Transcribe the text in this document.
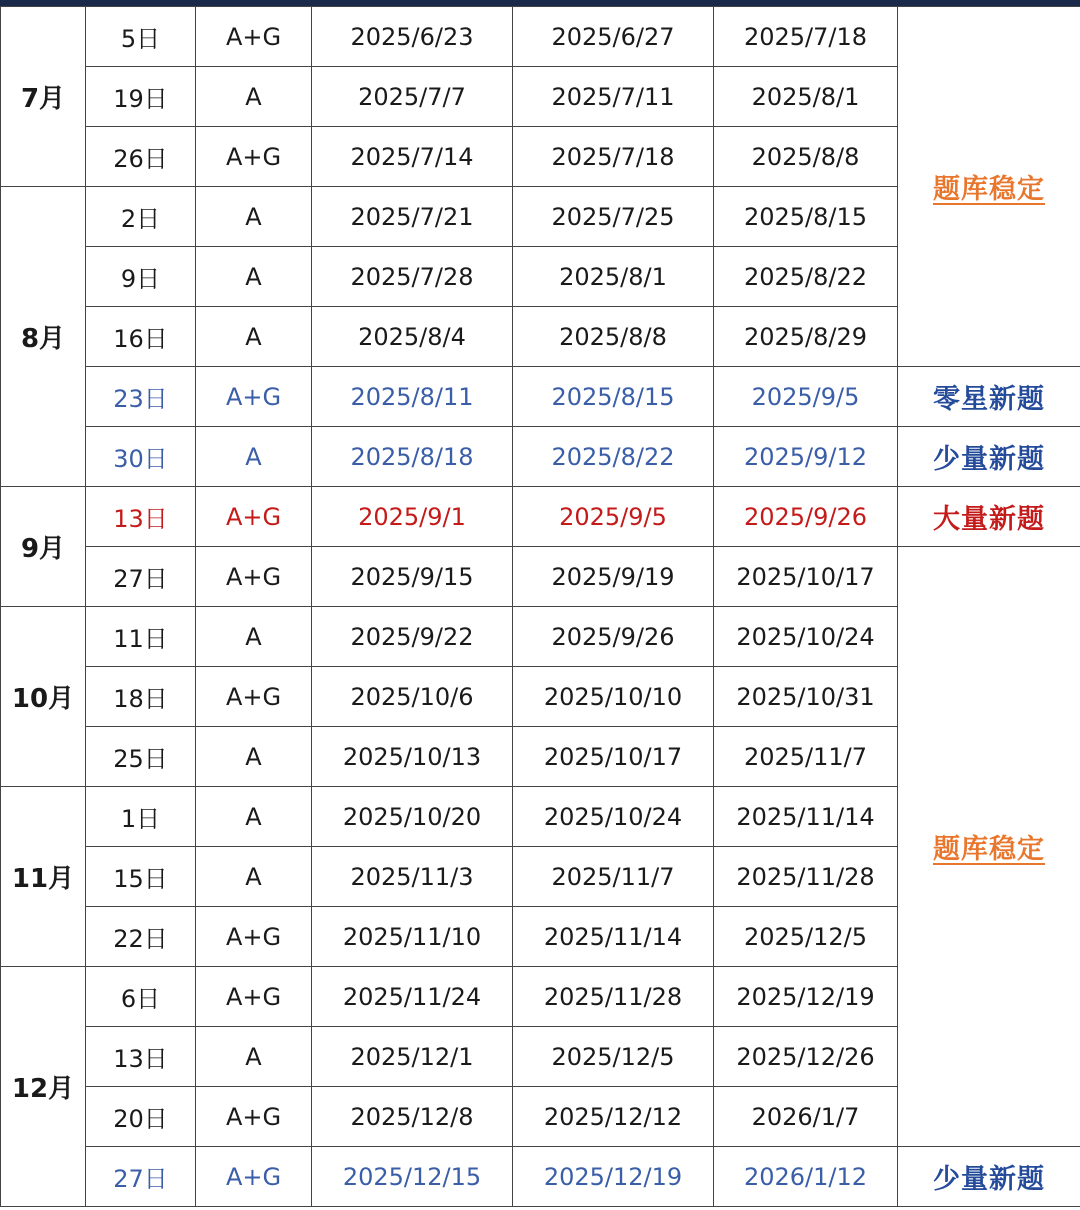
7月	5日	A+G	2025/6/23	2025/6/27	2025/7/18	题库稳定
	19日	A	2025/7/7	2025/7/11	2025/8/1	
	26日	A+G	2025/7/14	2025/7/18	2025/8/8	
8月	2日	A	2025/7/21	2025/7/25	2025/8/15	
	9日	A	2025/7/28	2025/8/1	2025/8/22	
	16日	A	2025/8/4	2025/8/8	2025/8/29	
	23日	A+G	2025/8/11	2025/8/15	2025/9/5	零星新题
	30日	A	2025/8/18	2025/8/22	2025/9/12	少量新题
9月	13日	A+G	2025/9/1	2025/9/5	2025/9/26	大量新题
	27日	A+G	2025/9/15	2025/9/19	2025/10/17	题库稳定
10月	11日	A	2025/9/22	2025/9/26	2025/10/24	
	18日	A+G	2025/10/6	2025/10/10	2025/10/31	
	25日	A	2025/10/13	2025/10/17	2025/11/7	
11月	1日	A	2025/10/20	2025/10/24	2025/11/14	
	15日	A	2025/11/3	2025/11/7	2025/11/28	
	22日	A+G	2025/11/10	2025/11/14	2025/12/5	
12月	6日	A+G	2025/11/24	2025/11/28	2025/12/19	
	13日	A	2025/12/1	2025/12/5	2025/12/26	
	20日	A+G	2025/12/8	2025/12/12	2026/1/7	
	27日	A+G	2025/12/15	2025/12/19	2026/1/12	少量新题
